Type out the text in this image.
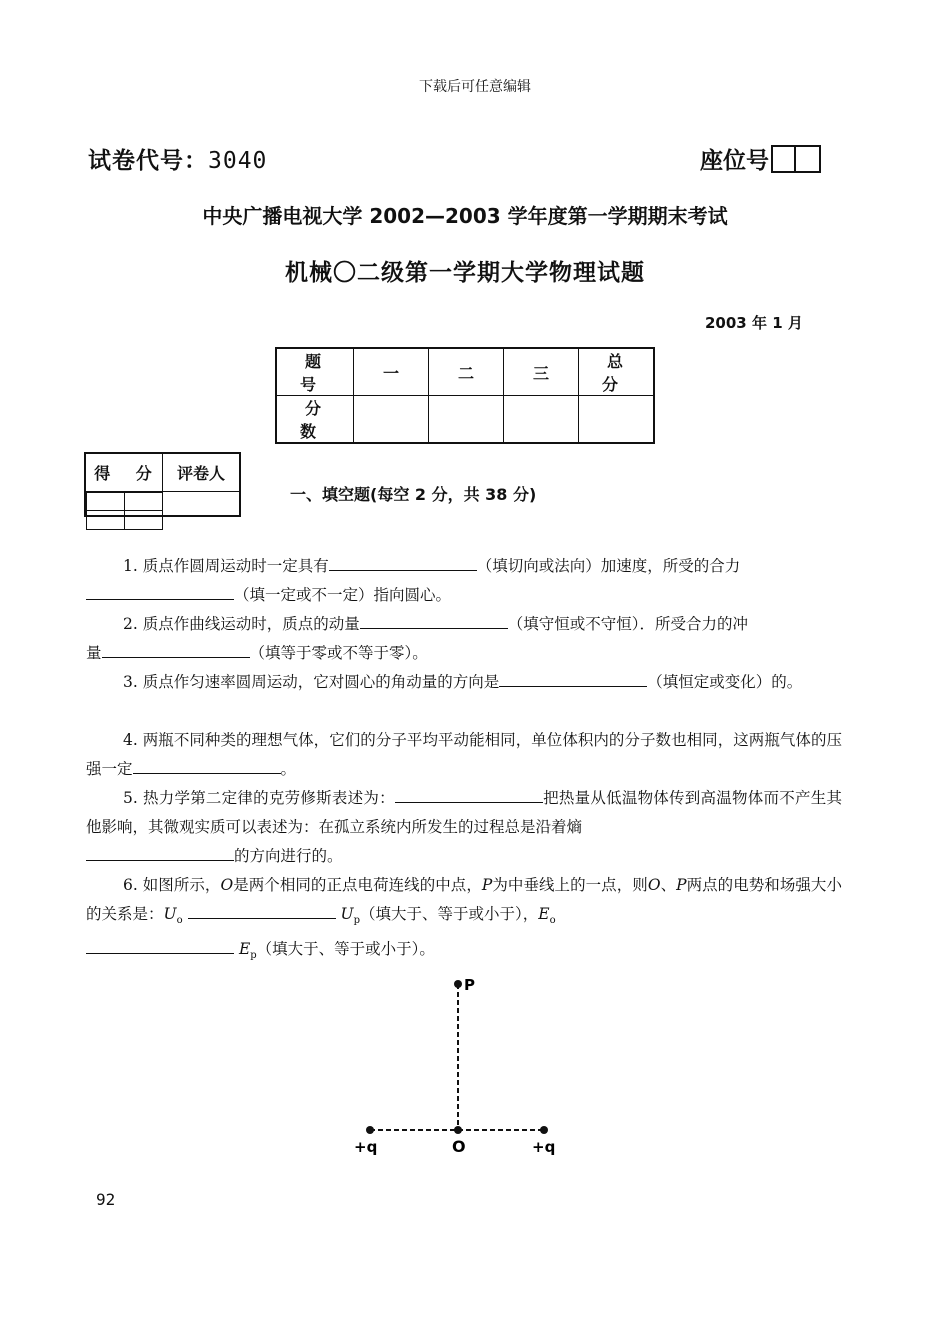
下载后可任意编辑
试卷代号：3040	座位号
中央广播电视大学 2002—2003 学年度第一学期期末考试
机械〇二级第一学期大学物理试题
2003 年 1 月
题 号	一	二	三	总 分
分 数				
得 分	评卷人

一、填空题(每空 2 分，共 38 分)

1. 质点作圆周运动时一定具有	（填切向或法向）加速度，所受的合力

（填一定或不一定）指向圆心。

2. 质点作曲线运动时，质点的动量	（填守恒或不守恒）．所受合力的冲

量	（填等于零或不等于零）。

3. 质点作匀速率圆周运动，它对圆心的角动量的方向是	（填恒定或变化）的。

4. 两瓶不同种类的理想气体，它们的分子平均平动能相同，单位体积内的分子数也相同，这两瓶气体的压强一定	。

5. 热力学第二定律的克劳修斯表述为：	把热量从低温物体传到高温物体而不产生其他影响，其微观实质可以表述为：在孤立系统内所发生的过程总是沿着熵

的方向进行的。

6. 如图所示，O是两个相同的正点电荷连线的中点，P为中垂线上的一点，则O、P两点的电势和场强大小的关系是：$U_o$	$U_p$（填大于、等于或小于），$E_o$

$E_p$（填大于、等于或小于）。
P
O
+q	+q
92
